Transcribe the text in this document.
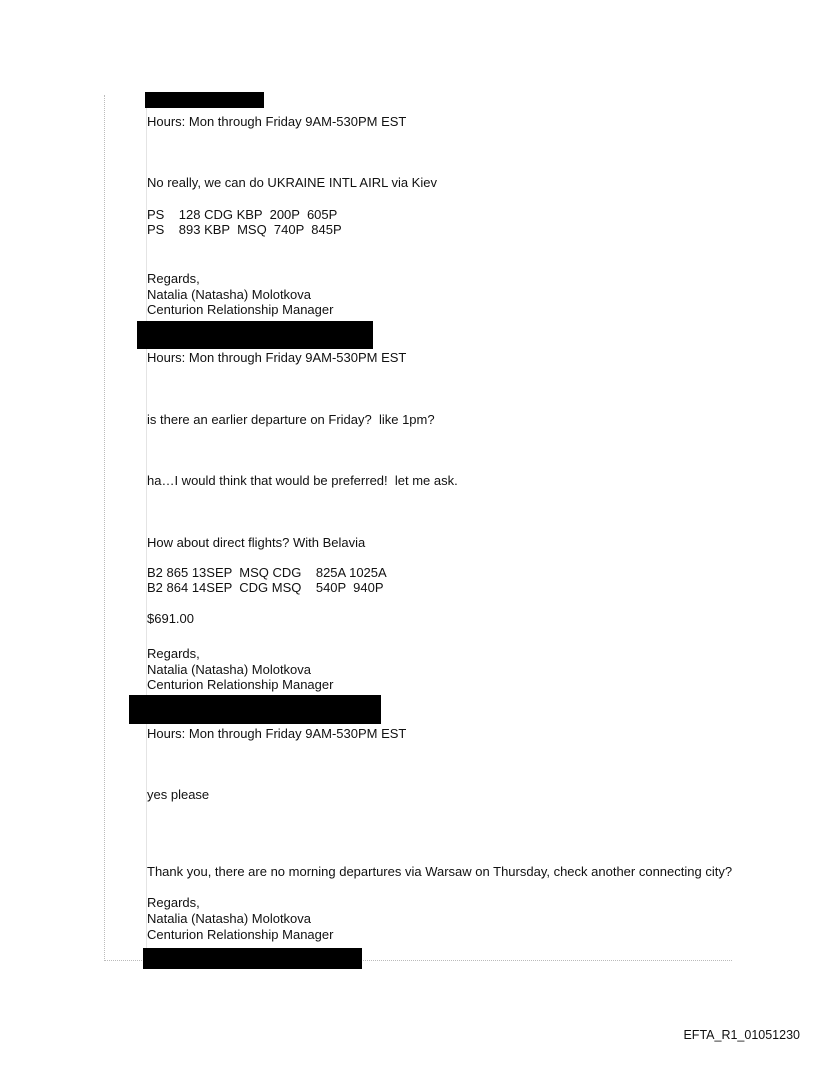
Hours: Mon through Friday 9AM-530PM EST
No really, we can do UKRAINE INTL AIRL via Kiev
PS    128 CDG KBP  200P  605P
PS    893 KBP  MSQ  740P  845P
Regards,
Natalia (Natasha) Molotkova
Centurion Relationship Manager
Hours: Mon through Friday 9AM-530PM EST
is there an earlier departure on Friday?  like 1pm?
ha…I would think that would be preferred!  let me ask.
How about direct flights? With Belavia
B2 865 13SEP  MSQ CDG    825A 1025A
B2 864 14SEP  CDG MSQ    540P  940P
$691.00
Regards,
Natalia (Natasha) Molotkova
Centurion Relationship Manager
Hours: Mon through Friday 9AM-530PM EST
yes please
Thank you, there are no morning departures via Warsaw on Thursday, check another connecting city?
Regards,
Natalia (Natasha) Molotkova
Centurion Relationship Manager
EFTA_R1_01051230
